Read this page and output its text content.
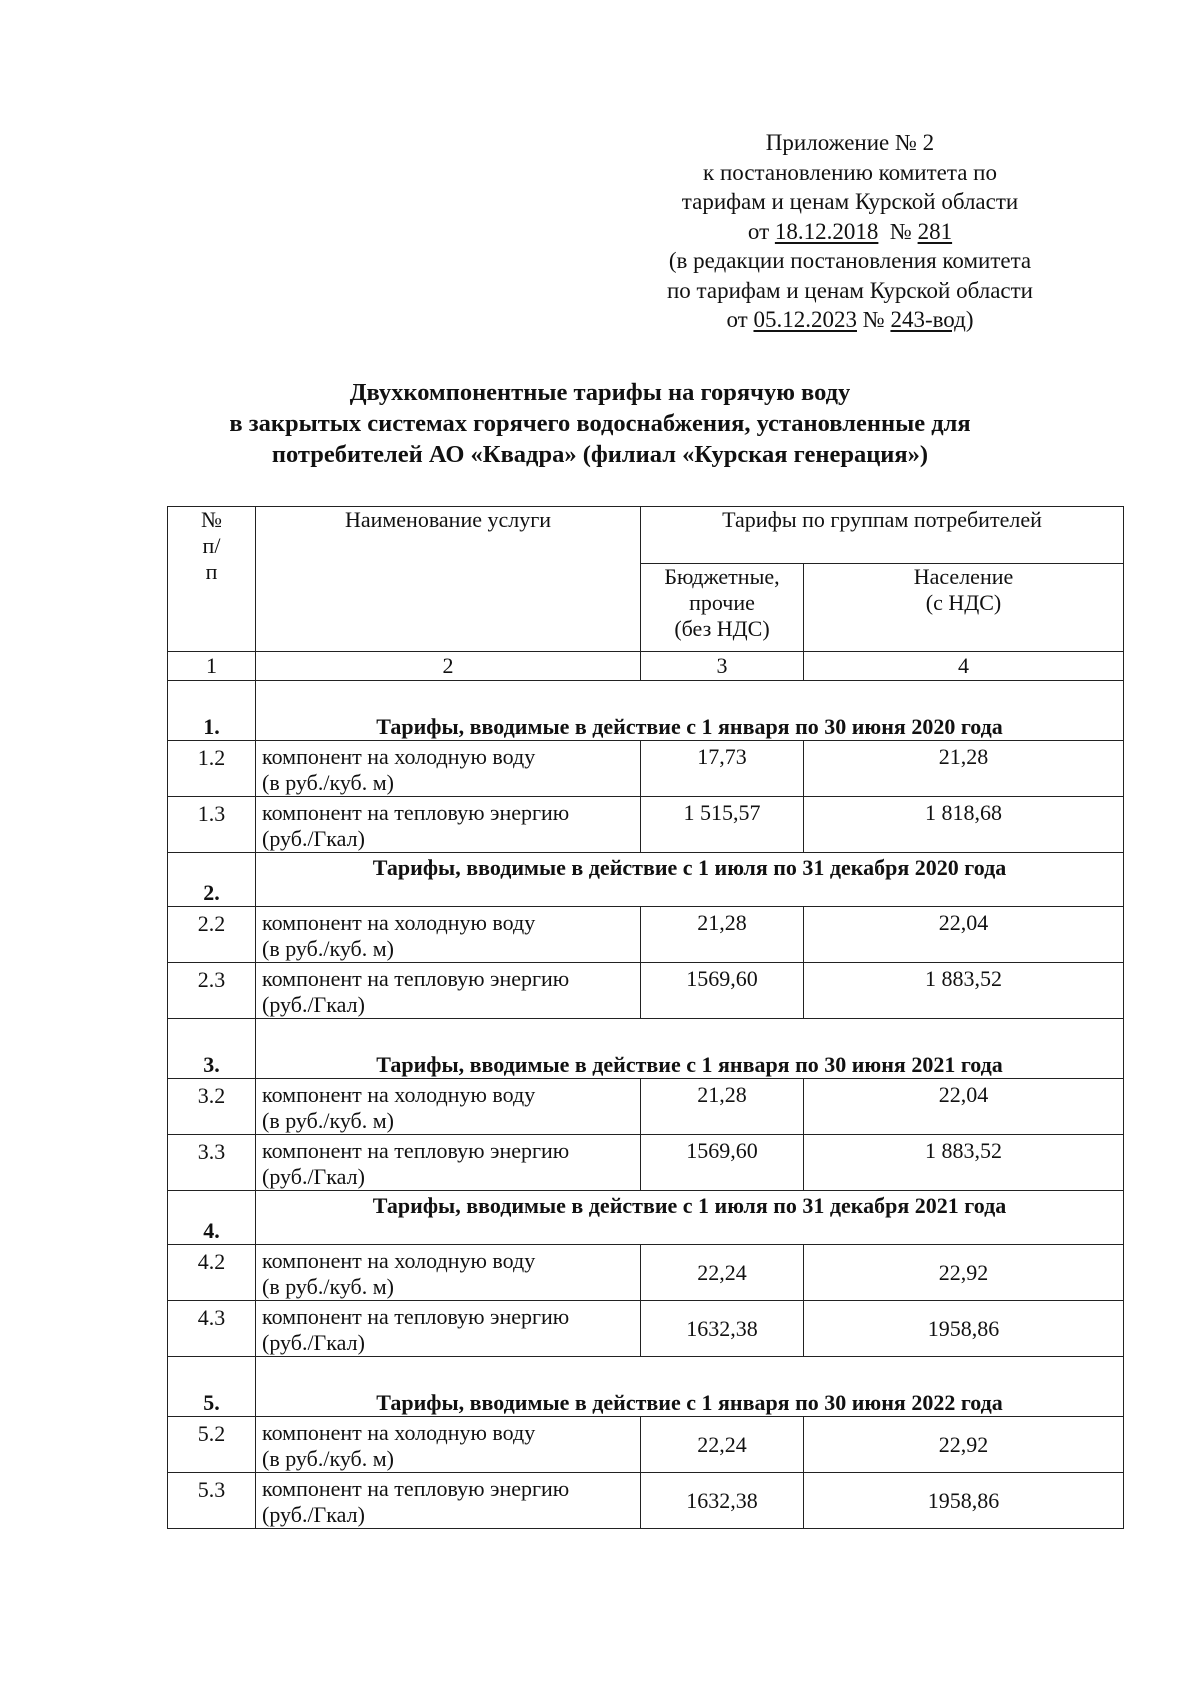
Приложение № 2
к постановлению комитета по
тарифам и ценам Курской области
от 18.12.2018  № 281
(в редакции постановления комитета
по тарифам и ценам Курской области
от 05.12.2023 № 243-вод)
Двухкомпонентные тарифы на горячую воду
в закрытых системах горячего водоснабжения, установленные для
потребителей АО «Квадра» (филиал «Курская генерация»)
№ п/п	Наименование услуги	Тарифы по группам потребителей	

		Бюджетные,
прочие
(без НДС)	Население
(с НДС)

1	2	3	4
1.	Тарифы, вводимые в действие с 1 января по 30 июня 2020 года		
1.2	компонент на холодную воду
(в руб./куб. м)	17,73	21,28
1.3	компонент на тепловую энергию
(руб./Гкал)	1 515,57	1 818,68
2.	Тарифы, вводимые в действие с 1 июля по 31 декабря 2020 года		
2.2	компонент на холодную воду
(в руб./куб. м)	21,28	22,04
2.3	компонент на тепловую энергию
(руб./Гкал)	1569,60	1 883,52
3.	Тарифы, вводимые в действие с 1 января по 30 июня 2021 года		
3.2	компонент на холодную воду
(в руб./куб. м)	21,28	22,04
3.3	компонент на тепловую энергию
(руб./Гкал)	1569,60	1 883,52
4.	Тарифы, вводимые в действие с 1 июля по 31 декабря 2021 года		
4.2	компонент на холодную воду
(в руб./куб. м)	22,24	22,92
4.3	компонент на тепловую энергию
(руб./Гкал)	1632,38	1958,86
5.	Тарифы, вводимые в действие с 1 января по 30 июня 2022 года		
5.2	компонент на холодную воду
(в руб./куб. м)	22,24	22,92
5.3	компонент на тепловую энергию
(руб./Гкал)	1632,38	1958,86
